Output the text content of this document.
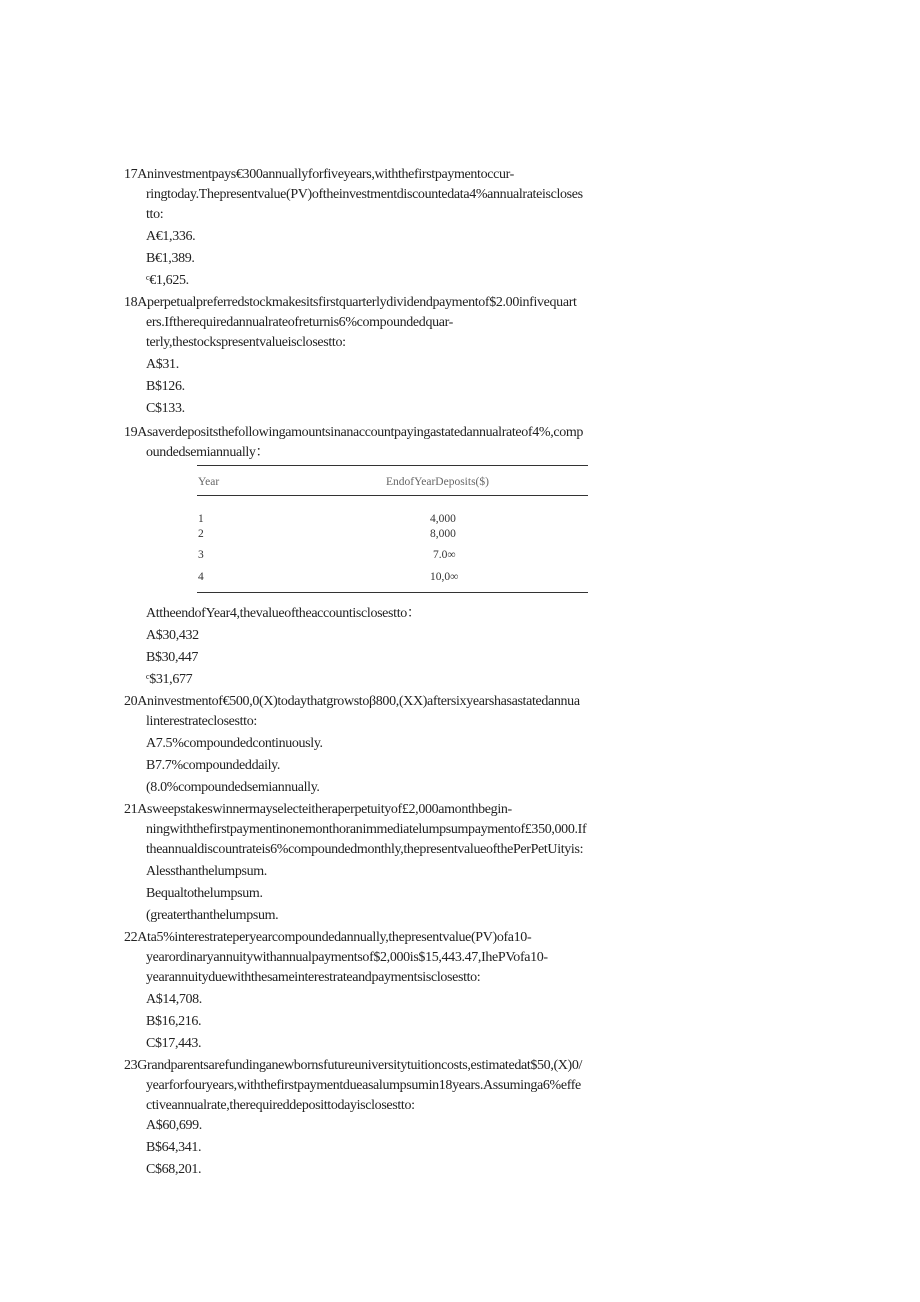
17Aninvestmentpays€300annuallyforfiveyears,withthefirstpaymentoccur-
ringtoday.Thepresentvalue(PV)oftheinvestmentdiscountedata4%annualrateiscloses
tto:
A€1,336.
B€1,389.
ᶜ€1,625.
18Aperpetualpreferredstockmakesitsfirstquarterlydividendpaymentof$2.00infivequart
ers.Iftherequiredannualrateofreturnis6%compoundedquar-
terly,thestockspresentvalueisclosestto:
A$31.
B$126.
C$133.
19Asaverdepositsthefollowingamountsinanaccountpayingastatedannualrateof4%,comp
oundedsemiannually：
Year	EndofYearDeposits($)
1	4,000
2	8,000
3	7.0∞
4	10,0∞
AttheendofYear4,thevalueoftheaccountisclosestto：
A$30,432
B$30,447
ᶜ$31,677
20Aninvestmentof€500,0(X)todaythatgrowstoβ800,(XX)aftersixyearshasastatedannua
linterestrateclosestto:
A7.5%compoundedcontinuously.
B7.7%compoundeddaily.
(8.0%compoundedsemiannually.
21Asweepstakeswinnermayselecteitheraperpetuityof£2,000amonthbegin-
ningwiththefirstpaymentinonemonthoranimmediatelumpsumpaymentof£350,000.If
theannualdiscountrateis6%compoundedmonthly,thepresentvalueofthePerPetUityis:
Alessthanthelumpsum.
Bequaltothelumpsum.
(greaterthanthelumpsum.
22Ata5%interestrateperyearcompoundedannually,thepresentvalue(PV)ofa10-
yearordinaryannuitywithannualpaymentsof$2,000is$15,443.47,IhePVofa10-
yearannuityduewiththesameinterestrateandpaymentsisclosestto:
A$14,708.
B$16,216.
C$17,443.
23Grandparentsarefundinganewbornsfutureuniversitytuitioncosts,estimatedat$50,(X)0/
yearforfouryears,withthefirstpaymentdueasalumpsumin18years.Assuminga6%effe
ctiveannualrate,therequireddeposittodayisclosestto:
A$60,699.
B$64,341.
C$68,201.
